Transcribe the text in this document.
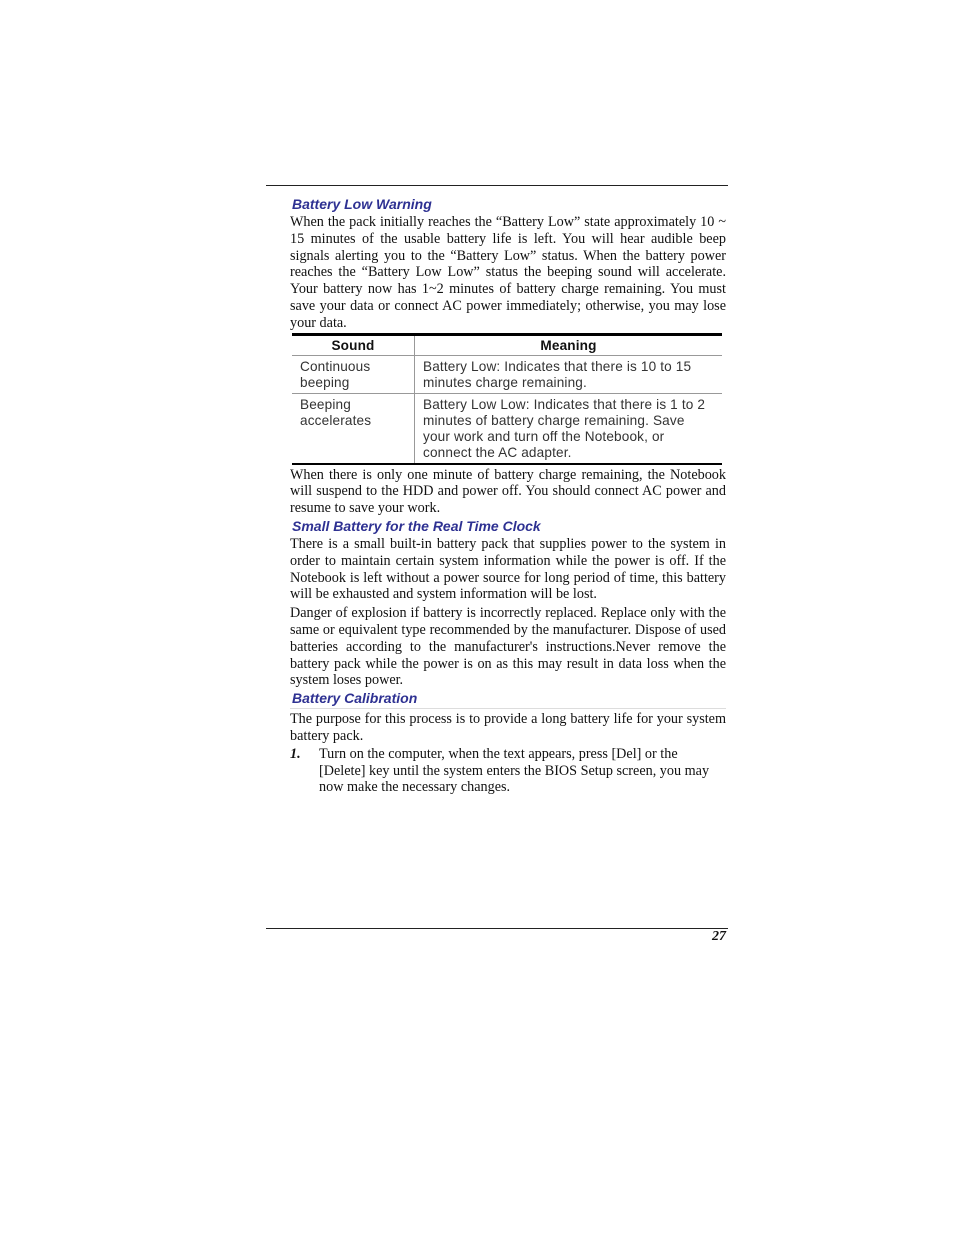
Battery Low Warning

When the pack initially reaches the “Battery Low” state approximately 10 ~ 15 minutes of the usable battery life is left. You will hear audible beep signals alerting you to the “Battery Low” status. When the battery power reaches the “Battery Low Low” status the beeping sound will accelerate. Your battery now has 1~2 minutes of battery charge remaining. You must save your data or connect AC power immediately; otherwise, you may lose your data.

Sound	Meaning
Continuous beeping	Battery Low: Indicates that there is 10 to 15 minutes charge remaining.
Beeping accelerates	Battery Low Low: Indicates that there is 1 to 2 minutes of battery charge remaining. Save your work and turn off the Notebook, or connect the AC adapter.

When there is only one minute of battery charge remaining, the Notebook will suspend to the HDD and power off. You should connect AC power and resume to save your work.

Small Battery for the Real Time Clock

There is a small built-in battery pack that supplies power to the system in order to maintain certain system information while the power is off. If the Notebook is left without a power source for long period of time, this battery will be exhausted and system information will be lost.

Danger of explosion if battery is incorrectly replaced. Replace only with the same or equivalent type recommended by the manufacturer. Dispose of used batteries according to the manufacturer's instructions.Never remove the battery pack while the power is on as this may result in data loss when the system loses power.

Battery Calibration

The purpose for this process is to provide a long battery life for your system battery pack.

1.	Turn on the computer, when the text appears, press [Del] or the [Delete] key until the system enters the BIOS Setup screen, you may now make the necessary changes.
27
